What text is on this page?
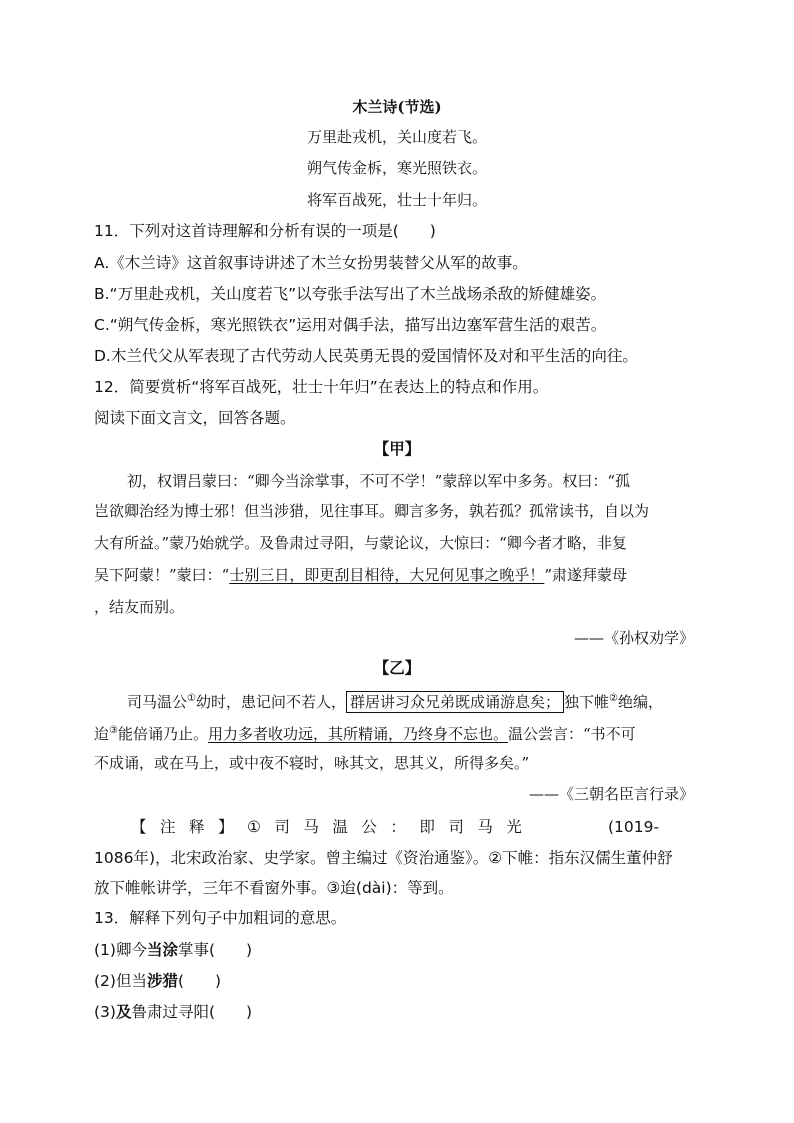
木兰诗(节选)
万里赴戎机，关山度若飞。
朔气传金柝，寒光照铁衣。
将军百战死，壮士十年归。
11．下列对这首诗理解和分析有误的一项是(　　)
A.《木兰诗》这首叙事诗讲述了木兰女扮男装替父从军的故事。
B.“万里赴戎机，关山度若飞”以夸张手法写出了木兰战场杀敌的矫健雄姿。
C.“朔气传金柝，寒光照铁衣”运用对偶手法，描写出边塞军营生活的艰苦。
D.木兰代父从军表现了古代劳动人民英勇无畏的爱国情怀及对和平生活的向往。
12．简要赏析“将军百战死，壮士十年归”在表达上的特点和作用。
阅读下面文言文，回答各题。
【甲】
初，权谓吕蒙曰：“卿今当涂掌事，不可不学！”蒙辞以军中多务。权曰：“孤
岂欲卿治经为博士邪！但当涉猎，见往事耳。卿言多务，孰若孤？孤常读书，自以为
大有所益。”蒙乃始就学。及鲁肃过寻阳，与蒙论议，大惊曰：“卿今者才略，非复
吴下阿蒙！”蒙曰：“士别三日，即更刮目相待，大兄何见事之晚乎！”肃遂拜蒙母
，结友而别。
——《孙权劝学》
【乙】
司马温公①幼时，患记问不若人， 群居讲习众兄弟既成诵游息矣； 独下帷②绝编，
迨③能倍诵乃止。用力多者收功远，其所精诵，乃终身不忘也。温公尝言：“书不可
不成诵，或在马上，或中夜不寝时，咏其文，思其义，所得多矣。”
——《三朝名臣言行录》
【注释】①司马温公：即司马光	(1019-
1086年)，北宋政治家、史学家。曾主编过《资治通鉴》。②下帷：指东汉儒生董仲舒
放下帷帐讲学，三年不看窗外事。③迨(dài)：等到。
13．解释下列句子中加粗词的意思。
(1)卿今当涂掌事(　　)
(2)但当涉猎(　　)
(3)及鲁肃过寻阳(　　)
